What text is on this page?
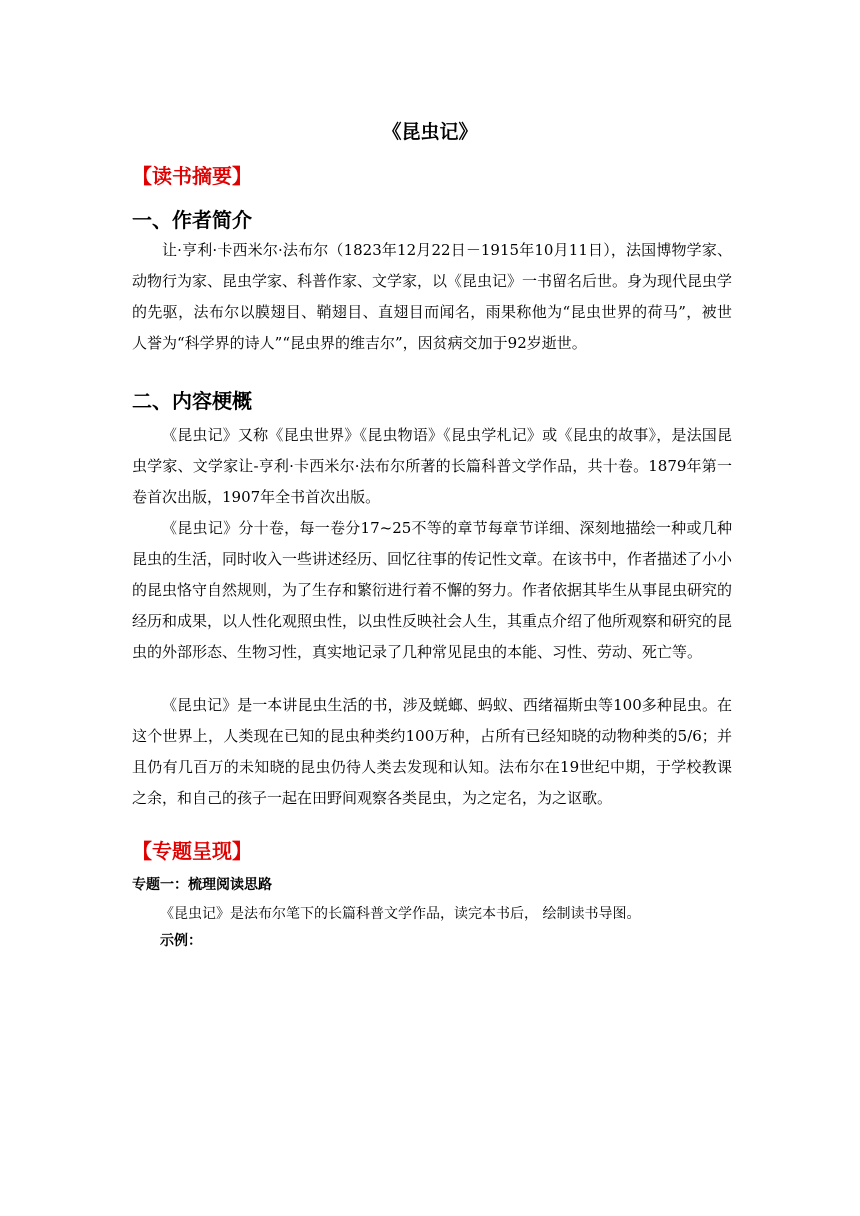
《昆虫记》
【读书摘要】
一、作者简介
让·亨利·卡西米尔·法布尔（1823年12月22日－1915年10月11日），法国博物学家、动物行为家、昆虫学家、科普作家、文学家，以《昆虫记》一书留名后世。身为现代昆虫学的先驱，法布尔以膜翅目、鞘翅目、直翅目而闻名，雨果称他为“昆虫世界的荷马”，被世人誉为“科学界的诗人”“昆虫界的维吉尔”，因贫病交加于92岁逝世。
二、内容梗概
《昆虫记》又称《昆虫世界》《昆虫物语》《昆虫学札记》或《昆虫的故事》，是法国昆虫学家、文学家让-亨利·卡西米尔·法布尔所著的长篇科普文学作品，共十卷。1879年第一卷首次出版，1907年全书首次出版。
《昆虫记》分十卷，每一卷分17~25不等的章节每章节详细、深刻地描绘一种或几种昆虫的生活，同时收入一些讲述经历、回忆往事的传记性文章。在该书中，作者描述了小小的昆虫恪守自然规则，为了生存和繁衍进行着不懈的努力。作者依据其毕生从事昆虫研究的经历和成果，以人性化观照虫性，以虫性反映社会人生，其重点介绍了他所观察和研究的昆虫的外部形态、生物习性，真实地记录了几种常见昆虫的本能、习性、劳动、死亡等。
《昆虫记》是一本讲昆虫生活的书，涉及蜣螂、蚂蚁、西绪福斯虫等100多种昆虫。在这个世界上，人类现在已知的昆虫种类约100万种，占所有已经知晓的动物种类的5/6；并且仍有几百万的未知晓的昆虫仍待人类去发现和认知。法布尔在19世纪中期，于学校教课之余，和自己的孩子一起在田野间观察各类昆虫，为之定名，为之讴歌。
【专题呈现】
专题一：梳理阅读思路
《昆虫记》是法布尔笔下的长篇科普文学作品，读完本书后， 绘制读书导图。
示例：
